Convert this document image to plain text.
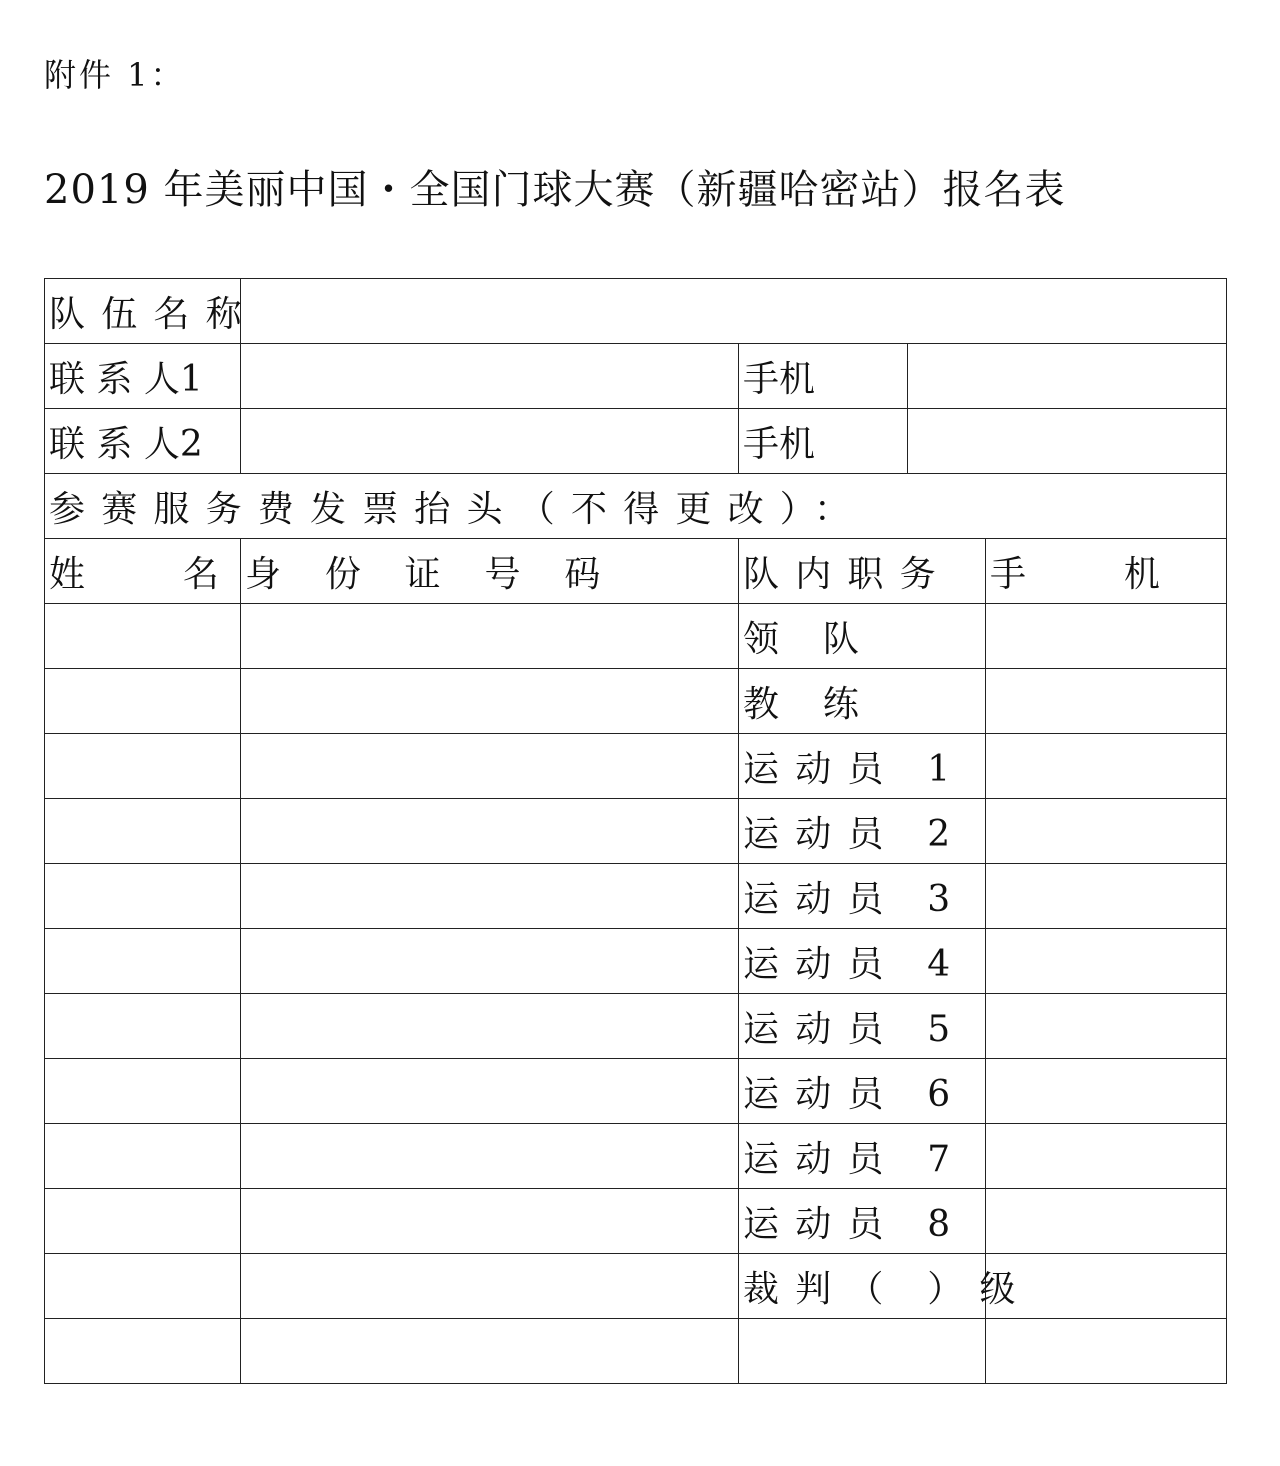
附件 1：
2019 年美丽中国・全国门球大赛（新疆哈密站）报名表
队伍名称				
联 系 人1		手机		
联 系 人2		手机		
参赛服务费发票抬头（不得更改）：				
姓 名	身 份 证 号 码	队内职务		手 机
		领 队		
		教 练		
		运动员 1		
		运动员 2		
		运动员 3		
		运动员 4		
		运动员 5		
		运动员 6		
		运动员 7		
		运动员 8		
		裁判（ ）级		
